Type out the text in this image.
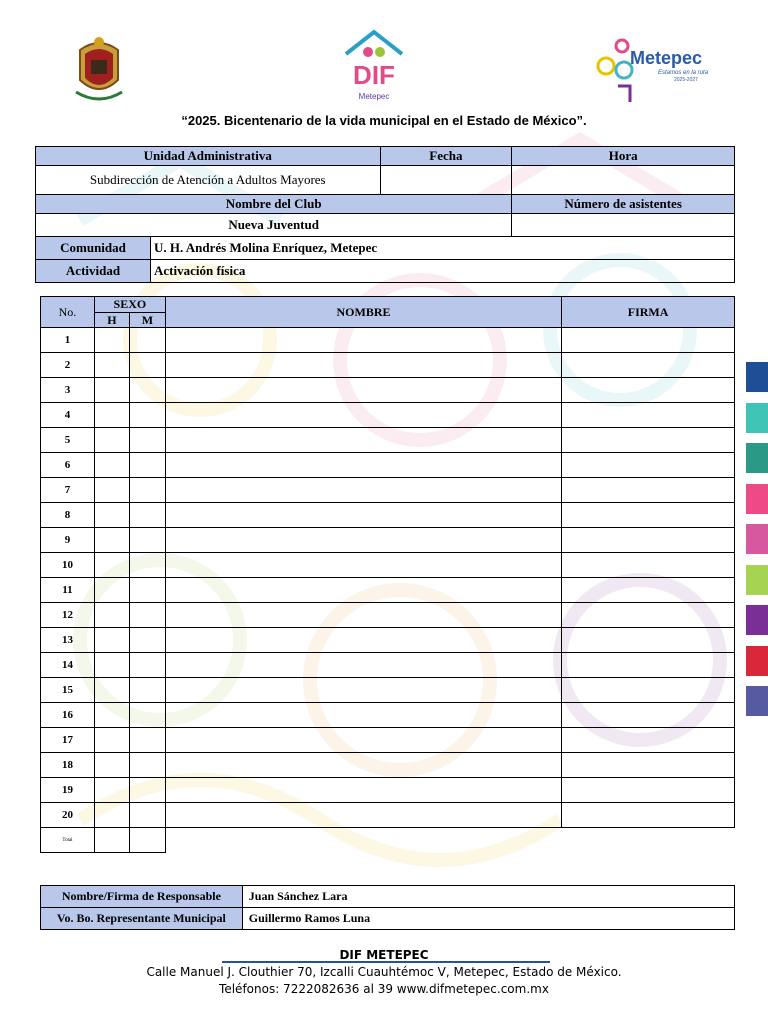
DIF
Metepec
Metepec
Estamos en la ruta
2025-2027
“2025. Bicentenario de la vida municipal en el Estado de México”.
Unidad Administrativa	Fecha	Hora
Subdirección de Atención a Adultos Mayores		
Nombre del Club		Número de asistentes
Nueva Juventud		

Comunidad U. H. Andrés Molina Enríquez, Metepec		

Actividad Activación física		
No.	SEXO		NOMBRE	FIRMA
	H	M		
1				
2				
3				
4				
5				
6				
7				
8				
9				
10				
11				
12				
13				
14				
15				
16				
17				
18				
19				
20				
Total				
Nombre/Firma de Responsable	Juan Sánchez Lara
Vo. Bo. Representante Municipal	Guillermo Ramos Luna
DIF METEPEC
Calle Manuel J. Clouthier 70, Izcalli Cuauhtémoc V, Metepec, Estado de México.
Teléfonos: 7222082636 al 39 www.difmetepec.com.mx
